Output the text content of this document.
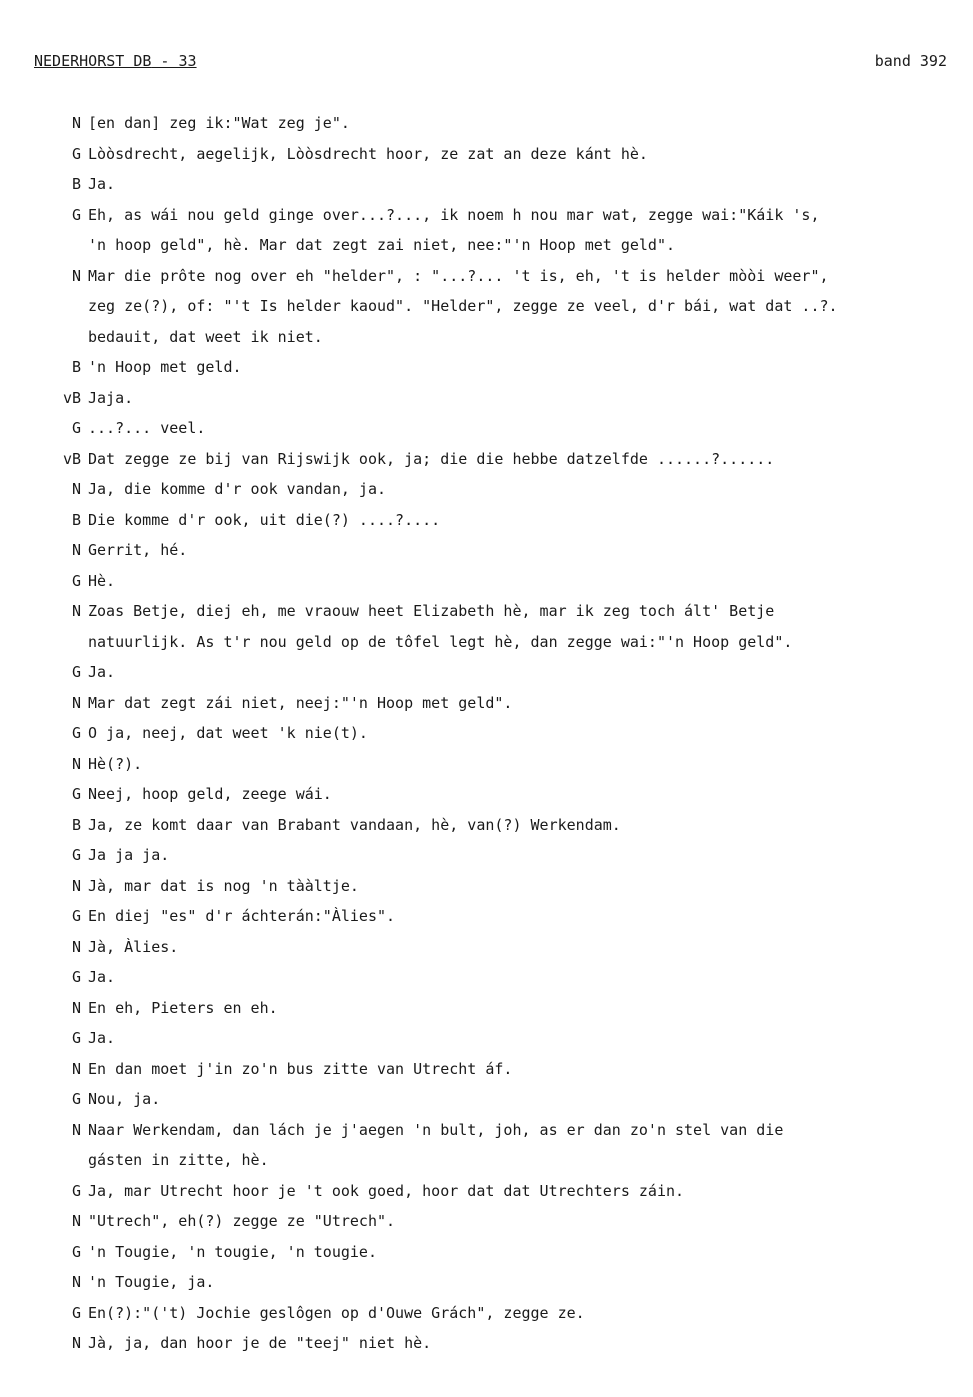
NEDERHORST DB - 33	band 392
N [en dan] zeg ik:"Wat zeg je".
G Lòòsdrecht, aegelijk, Lòòsdrecht hoor, ze zat an deze kánt hè.
B Ja.
G Eh, as wái nou geld ginge over...?..., ik noem h nou mar wat, zegge wai:"Káik 's,
'n hoop geld", hè. Mar dat zegt zai niet, nee:"'n Hoop met geld".
N Mar die prôte nog over eh "helder", : "...?... 't is, eh, 't is helder mòòi weer",
zeg ze(?), of: "'t Is helder kaoud". "Helder", zegge ze veel, d'r bái, wat dat ..?.
bedauit, dat weet ik niet.
B 'n Hoop met geld.
vB Jaja.
G ...?... veel.
vB Dat zegge ze bij van Rijswijk ook, ja; die die hebbe datzelfde ......?......
N Ja, die komme d'r ook vandan, ja.
B Die komme d'r ook, uit die(?) ....?....
N Gerrit, hé.
G Hè.
N Zoas Betje, diej eh, me vraouw heet Elizabeth hè, mar ik zeg toch ált' Betje
natuurlijk. As t'r nou geld op de tôfel legt hè, dan zegge wai:"'n Hoop geld".
G Ja.
N Mar dat zegt zái niet, neej:"'n Hoop met geld".
G O ja, neej, dat weet 'k nie(t).
N Hè(?).
G Neej, hoop geld, zeege wái.
B Ja, ze komt daar van Brabant vandaan, hè, van(?) Werkendam.
G Ja ja ja.
N Jà, mar dat is nog 'n tààltje.
G En diej "es" d'r áchterán:"Àlies".
N Jà, Àlies.
G Ja.
N En eh, Pieters en eh.
G Ja.
N En dan moet j'in zo'n bus zitte van Utrecht áf.
G Nou, ja.
N Naar Werkendam, dan lách je j'aegen 'n bult, joh, as er dan zo'n stel van die
gásten in zitte, hè.
G Ja, mar Utrecht hoor je 't ook goed, hoor dat dat Utrechters záin.
N "Utrech", eh(?) zegge ze "Utrech".
G 'n Tougie, 'n tougie, 'n tougie.
N 'n Tougie, ja.
G En(?):"('t) Jochie geslôgen op d'Ouwe Grách", zegge ze.
N Jà, ja, dan hoor je de "teej" niet hè.
